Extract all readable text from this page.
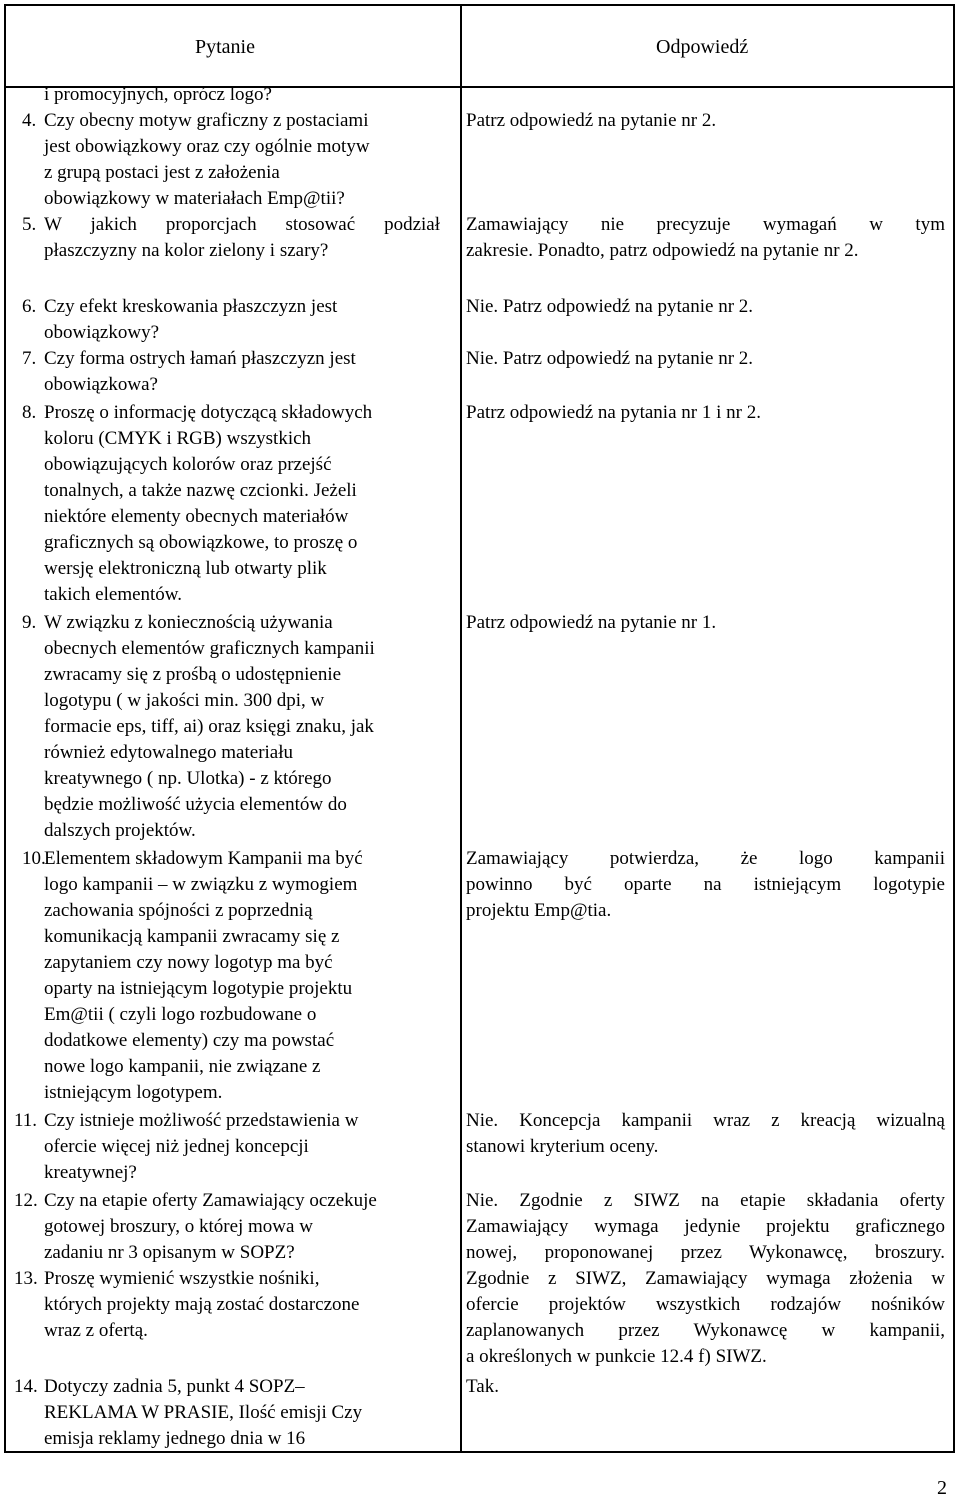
Pytanie	Odpowiedź
2
i promocyjnych, oprócz logo?
4. Czy obecny motyw graficzny z postaciami
jest obowiązkowy oraz czy ogólnie motyw
z grupą postaci jest z założenia
obowiązkowy w materiałach Emp@tii?
5. W jakich proporcjach stosować podział
płaszczyzny na kolor zielony i szary?
6. Czy efekt kreskowania płaszczyzn jest
obowiązkowy?
7. Czy forma ostrych łamań płaszczyzn jest
obowiązkowa?
8. Proszę o informację dotyczącą składowych
koloru (CMYK i RGB) wszystkich
obowiązujących kolorów oraz przejść
tonalnych, a także nazwę czcionki. Jeżeli
niektóre elementy obecnych materiałów
graficznych są obowiązkowe, to proszę o
wersję elektroniczną lub otwarty plik
takich elementów.
9. W związku z koniecznością używania
obecnych elementów graficznych kampanii
zwracamy się z prośbą o udostępnienie
logotypu ( w jakości min. 300 dpi, w
formacie eps, tiff, ai) oraz księgi znaku, jak
również edytowalnego materiału
kreatywnego ( np. Ulotka) - z którego
będzie możliwość użycia elementów do
dalszych projektów.
10.
Elementem składowym Kampanii ma być
logo kampanii – w związku z wymogiem
zachowania spójności z poprzednią
komunikacją kampanii zwracamy się z
zapytaniem czy nowy logotyp ma być
oparty na istniejącym logotypie projektu
Em@tii ( czyli logo rozbudowane o
dodatkowe elementy) czy ma powstać
nowe logo kampanii, nie związane z
istniejącym logotypem.
11. Czy istnieje możliwość przedstawienia w
ofercie więcej niż jednej koncepcji
kreatywnej?
12. Czy na etapie oferty Zamawiający oczekuje
gotowej broszury, o której mowa w
zadaniu nr 3 opisanym w SOPZ?
13. Proszę wymienić wszystkie nośniki,
których projekty mają zostać dostarczone
wraz z ofertą.
14. Dotyczy zadnia 5, punkt 4 SOPZ–
REKLAMA W PRASIE, Ilość emisji Czy
emisja reklamy jednego dnia w 16
Patrz odpowiedź na pytanie nr 2.
Zamawiający nie precyzuje wymagań w tym
zakresie. Ponadto, patrz odpowiedź na pytanie nr 2.
Nie. Patrz odpowiedź na pytanie nr 2.
Nie. Patrz odpowiedź na pytanie nr 2.
Patrz odpowiedź na pytania nr 1 i nr 2.
Patrz odpowiedź na pytanie nr 1.
Zamawiający potwierdza, że logo kampanii
powinno być oparte na istniejącym logotypie
projektu Emp@tia.
Nie. Koncepcja kampanii wraz z kreacją wizualną
stanowi kryterium oceny.
Nie. Zgodnie z SIWZ na etapie składania oferty
Zamawiający wymaga jedynie projektu graficznego
nowej, proponowanej przez Wykonawcę, broszury.
Zgodnie z SIWZ, Zamawiający wymaga złożenia w
ofercie projektów wszystkich rodzajów nośników
zaplanowanych przez Wykonawcę w kampanii,
a określonych w punkcie 12.4 f) SIWZ.
Tak.
